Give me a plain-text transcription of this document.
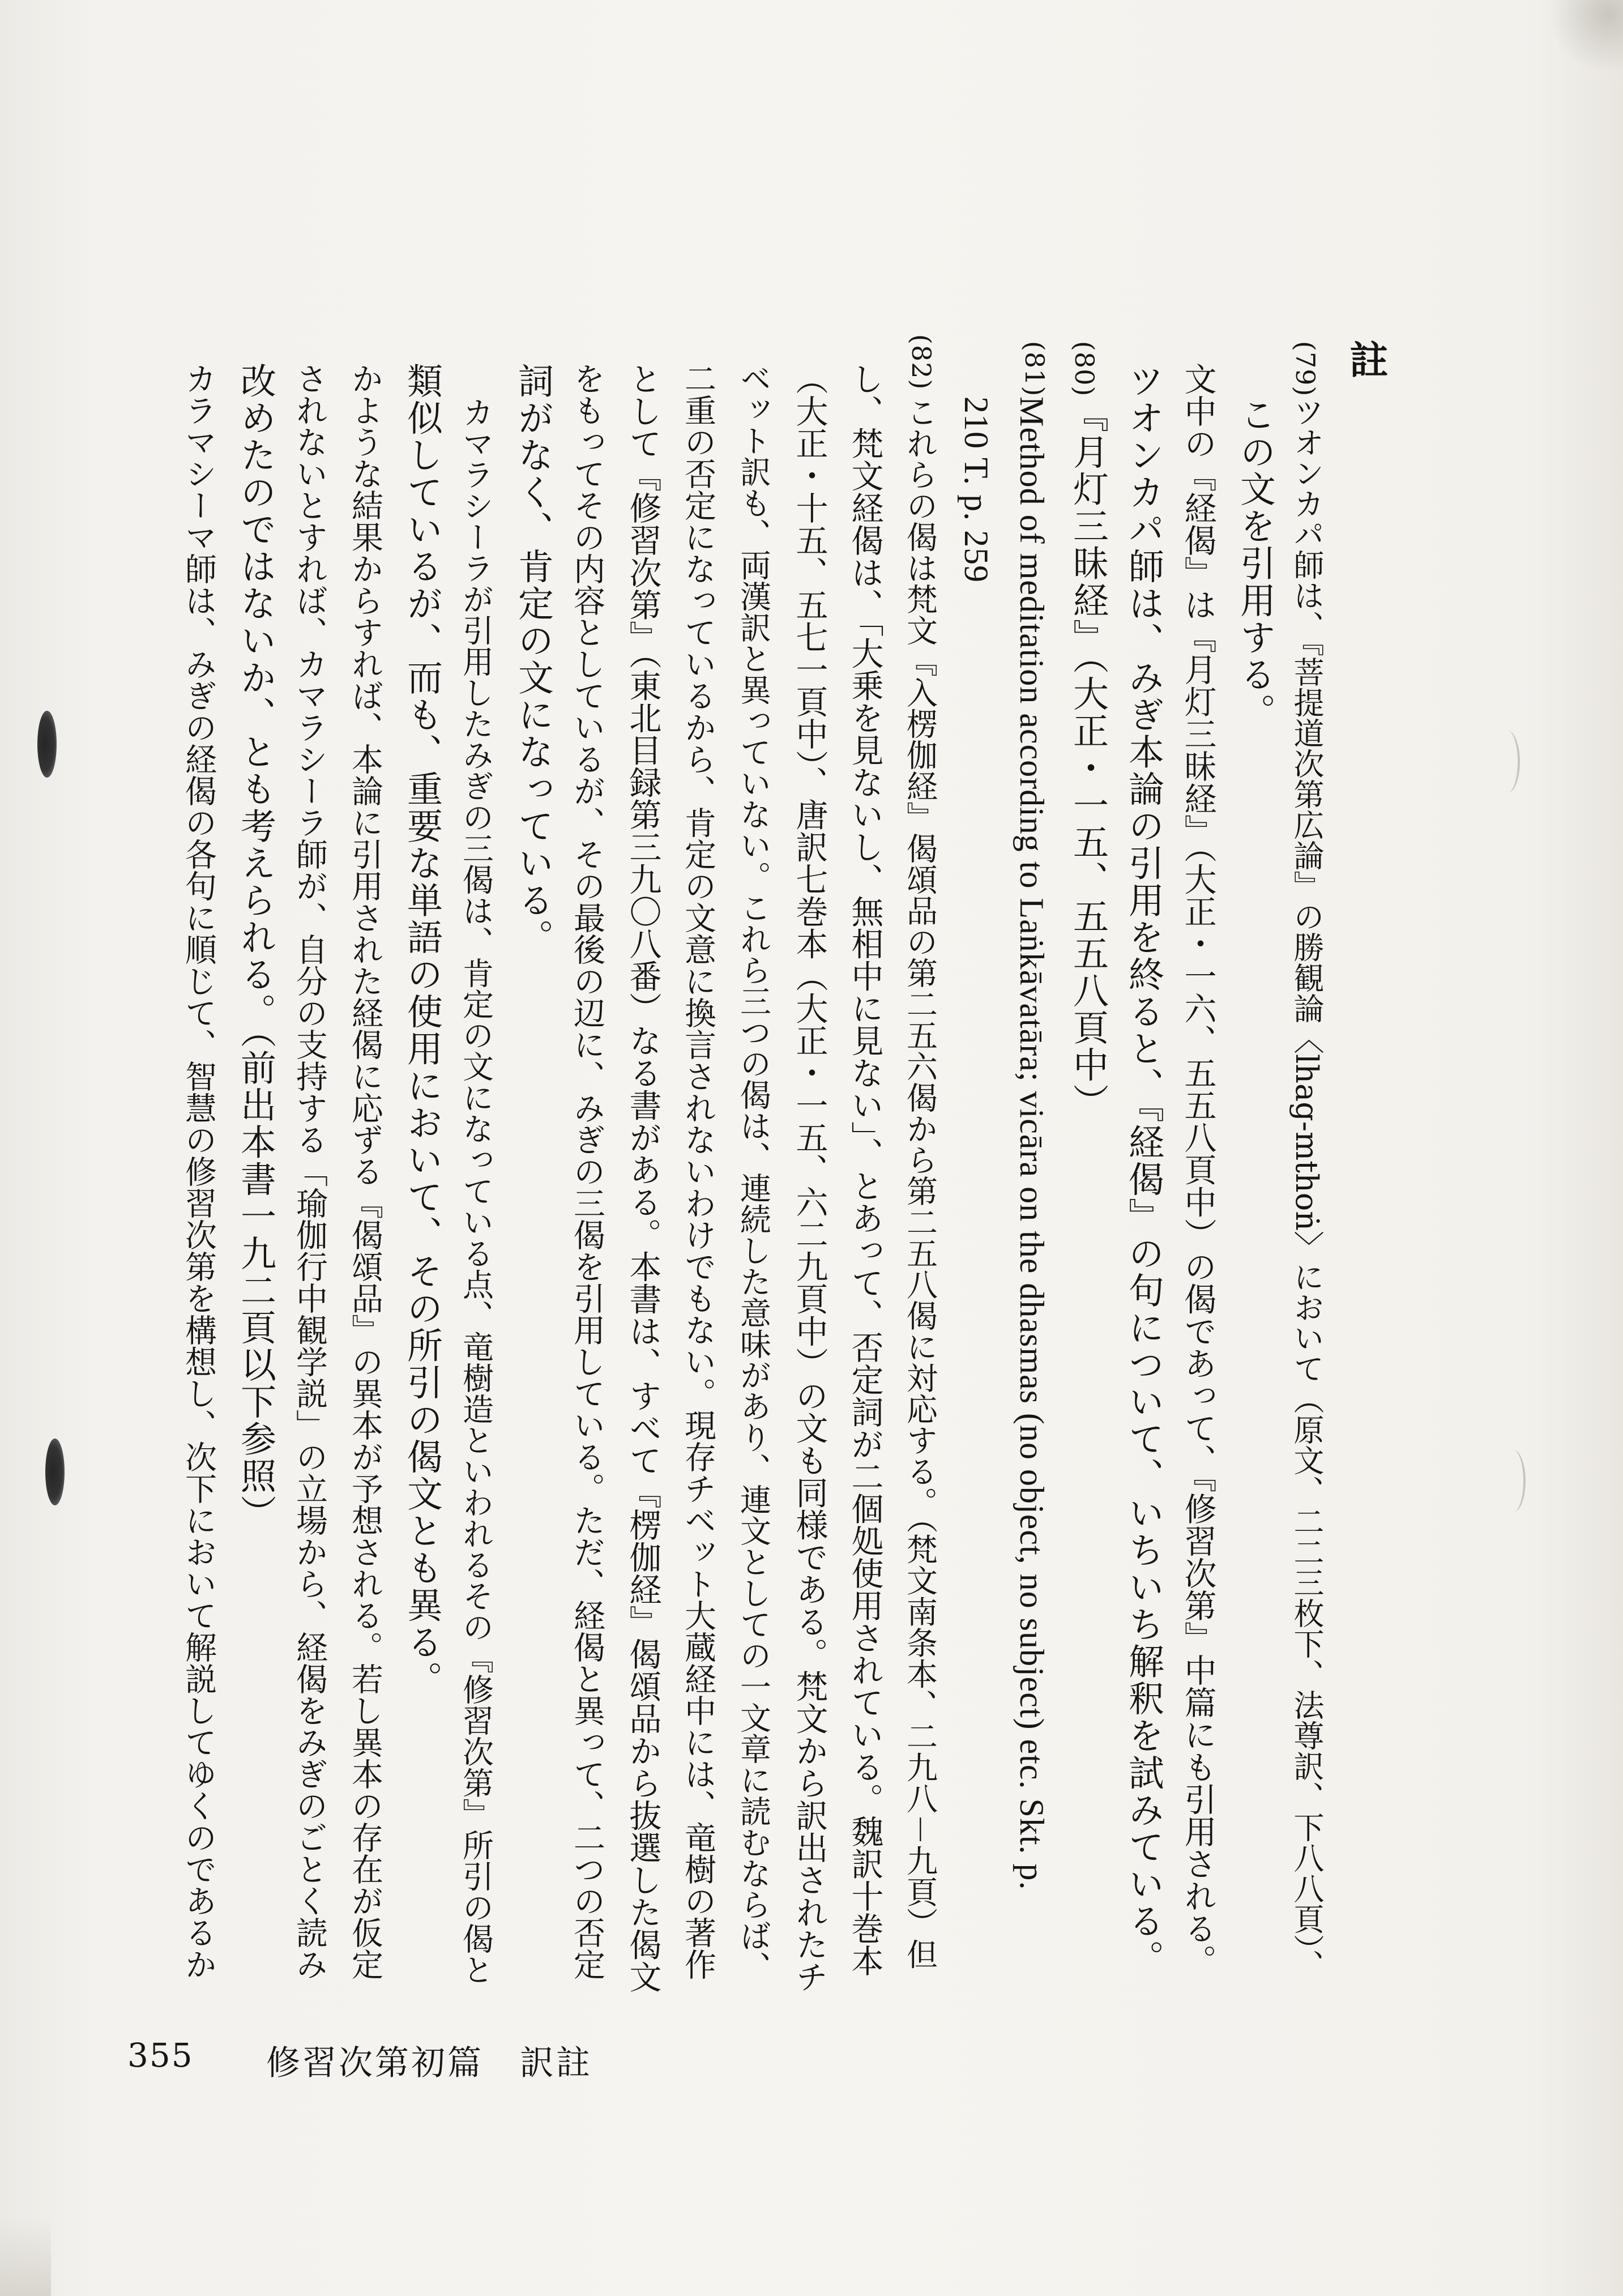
註
(79)
(80)
(81)
(82)
ツオンカパ師は、『菩提道次第広論』の勝観論〈lhag-mthoṅ〉において（原文、二二三枚下、法尊訳、下八八頁）、
この文を引用する。
文中の『経偈』は『月灯三昧経』（大正・一六、五五八頁中）の偈であって、『修習次第』中篇にも引用される。
ツオンカパ師は、みぎ本論の引用を終ると、『経偈』の句について、いちいち解釈を試みている。
『月灯三昧経』（大正・一五、五五八頁中）
Method of meditation according to Laṅkāvatāra; vicāra on the dhasmas (no object, no subject) etc. Skt. p.
210 T. p. 259
これらの偈は梵文『入楞伽経』偈頌品の第二五六偈から第二五八偈に対応する。（梵文南条本、二九八－九頁）但
し、梵文経偈は、「大乗を見ないし、無相中に見ない」、とあって、否定詞が二個処使用されている。魏訳十巻本
（大正・十五、五七一頁中）、唐訳七巻本（大正・一五、六二九頁中）の文も同様である。梵文から訳出されたチ
ベット訳も、両漢訳と異っていない。これら三つの偈は、連続した意味があり、連文としての一文章に読むならば、
二重の否定になっているから、肯定の文意に換言されないわけでもない。現存チベット大蔵経中には、竜樹の著作
として『修習次第』（東北目録第三九〇八番）なる書がある。本書は、すべて『楞伽経』偈頌品から抜選した偈文
をもってその内容としているが、その最後の辺に、みぎの三偈を引用している。ただ、経偈と異って、二つの否定
詞がなく、肯定の文になっている。
カマラシーラが引用したみぎの三偈は、肯定の文になっている点、竜樹造といわれるその『修習次第』所引の偈と
類似しているが、而も、重要な単語の使用において、その所引の偈文とも異る。
かような結果からすれば、本論に引用された経偈に応ずる『偈頌品』の異本が予想される。若し異本の存在が仮定
されないとすれば、カマラシーラ師が、自分の支持する「瑜伽行中観学説」の立場から、経偈をみぎのごとく読み
改めたのではないか、とも考えられる。（前出本書一九二頁以下参照）
カラマシーマ師は、みぎの経偈の各句に順じて、智慧の修習次第を構想し、次下において解説してゆくのであるか
355 修習次第初篇　訳註
